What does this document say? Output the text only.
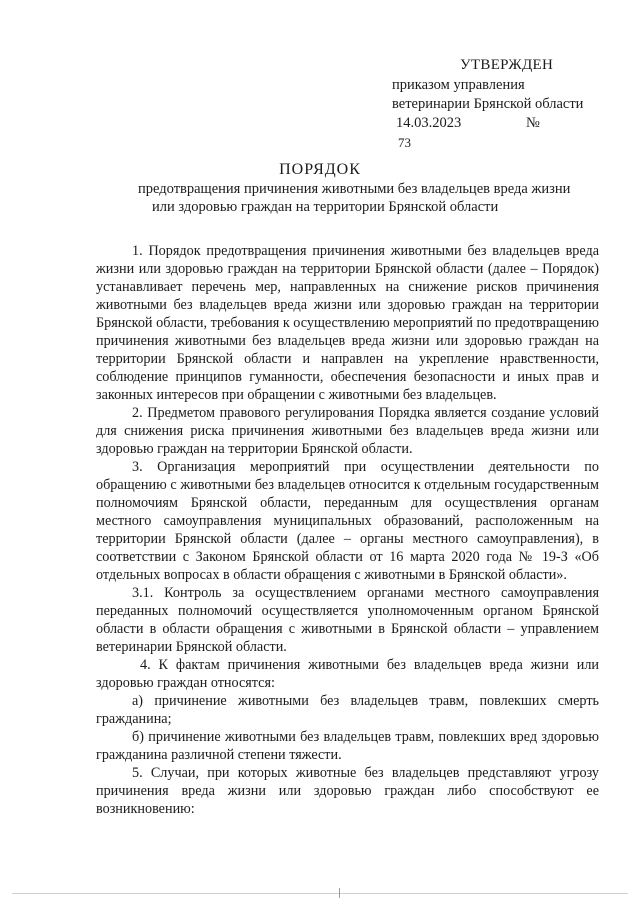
УТВЕРЖДЕН
приказом управления
ветеринарии Брянской области
14.03.2023	№
73
ПОРЯДОК
предотвращения причинения животными без владельцев вреда жизни
или здоровью граждан на территории Брянской области

1. Порядок предотвращения причинения животными без владельцев вреда жизни или здоровью граждан на территории Брянской области (далее – Порядок) устанавливает перечень мер, направленных на снижение рисков причинения животными без владельцев вреда жизни или здоровью граждан на территории Брянской области, требования к осуществлению мероприятий по предотвращению причинения животными без владельцев вреда жизни или здоровью граждан на территории Брянской области и направлен на укрепление нравственности, соблюдение принципов гуманности, обеспечения безопасности и иных прав и законных интересов при обращении с животными без владельцев.

2. Предметом правового регулирования Порядка является создание условий для снижения риска причинения животными без владельцев вреда жизни или здоровью граждан на территории Брянской области.

3. Организация мероприятий при осуществлении деятельности по обращению с животными без владельцев относится к отдельным государственным полномочиям Брянской области, переданным для осуществления органам местного самоуправления муниципальных образований, расположенным на территории Брянской области (далее – органы местного самоуправления), в соответствии с Законом Брянской области от 16 марта 2020 года № 19-З «Об отдельных вопросах в области обращения с животными в Брянской области».

3.1. Контроль за осуществлением органами местного самоуправления переданных полномочий осуществляется уполномоченным органом Брянской области в области обращения с животными в Брянской области – управлением ветеринарии Брянской области.

4. К фактам причинения животными без владельцев вреда жизни или здоровью граждан относятся:

а) причинение животными без владельцев травм, повлекших смерть гражданина;

б) причинение животными без владельцев травм, повлекших вред здоровью гражданина различной степени тяжести.

5. Случаи, при которых животные без владельцев представляют угрозу причинения вреда жизни или здоровью граждан либо способствуют ее возникновению:
